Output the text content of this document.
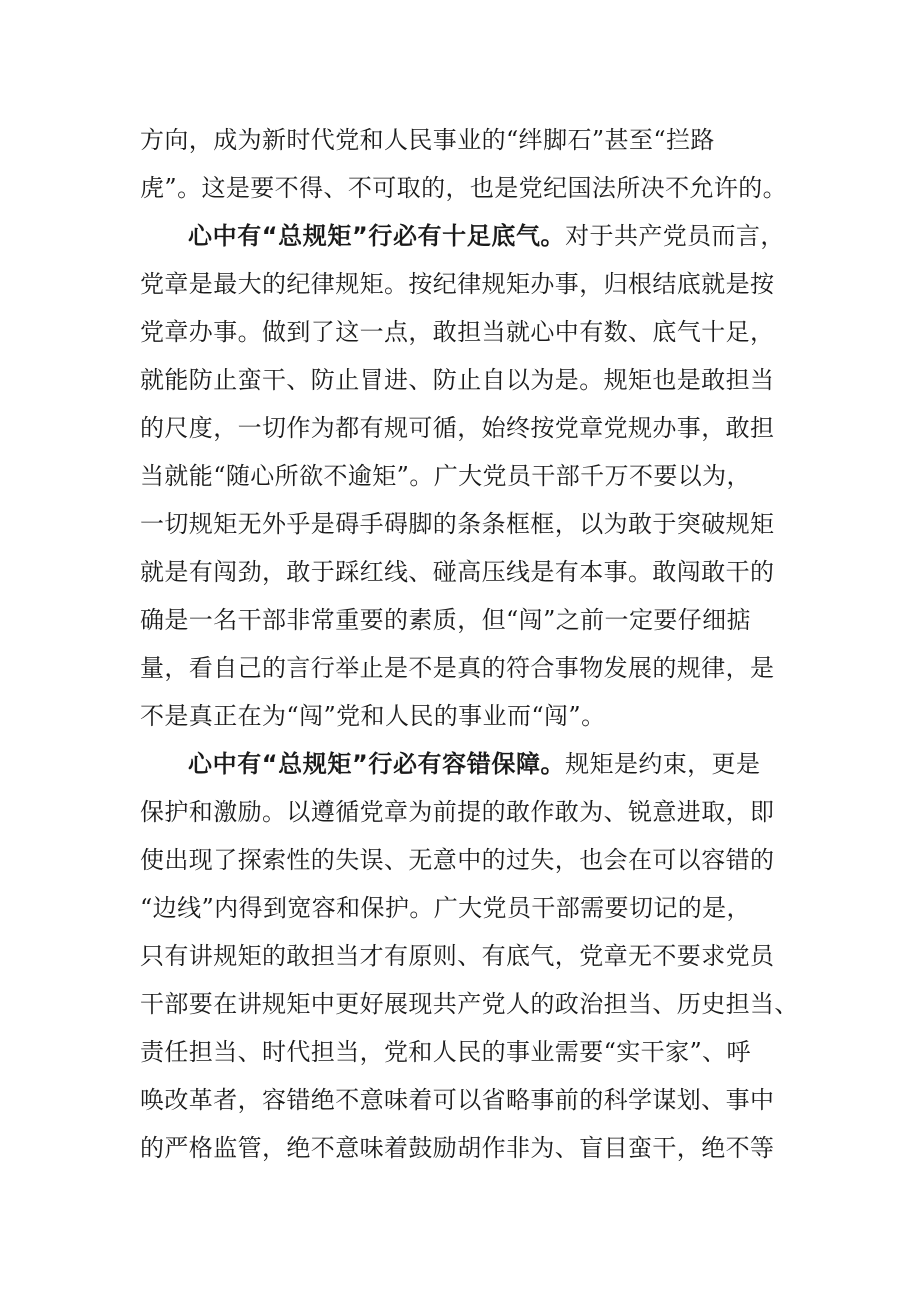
方向，成为新时代党和人民事业的“绊脚石”甚至“拦路
虎”。这是要不得、不可取的，也是党纪国法所决不允许的。
心中有“总规矩”行必有十足底气。对于共产党员而言，
党章是最大的纪律规矩。按纪律规矩办事，归根结底就是按
党章办事。做到了这一点，敢担当就心中有数、底气十足，
就能防止蛮干、防止冒进、防止自以为是。规矩也是敢担当
的尺度，一切作为都有规可循，始终按党章党规办事，敢担
当就能“随心所欲不逾矩”。广大党员干部千万不要以为，
一切规矩无外乎是碍手碍脚的条条框框，以为敢于突破规矩
就是有闯劲，敢于踩红线、碰高压线是有本事。敢闯敢干的
确是一名干部非常重要的素质，但“闯”之前一定要仔细掂
量，看自己的言行举止是不是真的符合事物发展的规律，是
不是真正在为“闯”党和人民的事业而“闯”。
心中有“总规矩”行必有容错保障。规矩是约束，更是
保护和激励。以遵循党章为前提的敢作敢为、锐意进取，即
使出现了探索性的失误、无意中的过失，也会在可以容错的
“边线”内得到宽容和保护。广大党员干部需要切记的是，
只有讲规矩的敢担当才有原则、有底气，党章无不要求党员
干部要在讲规矩中更好展现共产党人的政治担当、历史担当、
责任担当、时代担当，党和人民的事业需要“实干家”、呼
唤改革者，容错绝不意味着可以省略事前的科学谋划、事中
的严格监管，绝不意味着鼓励胡作非为、盲目蛮干，绝不等
